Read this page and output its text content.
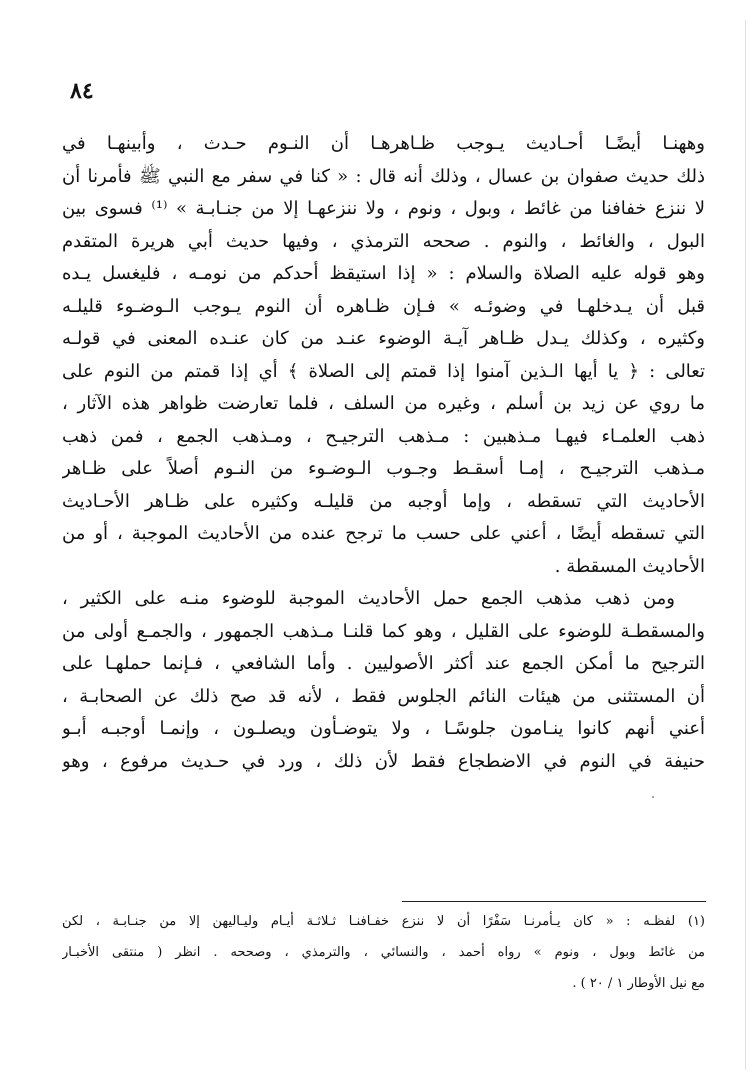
٨٤
وههنـا أيضًـا أحـاديث يـوجب ظـاهرهـا أن النـوم حـدث ، وأبينهـا في
ذلك حديث صفوان بن عسال ، وذلك أنه قال : « كنا في سفر مع النبي ﷺ فأمرنا أن
لا ننزع خفافنا من غائط ، وبول ، ونوم ، ولا ننزعهـا إلا من جنـابـة » ⁽¹⁾ فسوى بين
البول ، والغائط ، والنوم . صححه الترمذي ، وفيها حديث أبي هريرة المتقدم
وهو قوله عليه الصلاة والسلام : « إذا استيقظ أحدكم من نومـه ، فليغسل يـده
قبل أن يـدخلهـا في وضوئـه » فـإن ظـاهره أن النوم يـوجب الـوضـوء قليلـه
وكثيره ، وكذلك يـدل ظـاهر آيـة الوضوء عنـد من كان عنـده المعنى في قولـه
تعالى : ﴿ يا أيها الـذين آمنوا إذا قمتم إلى الصلاة ﴾ أي إذا قمتم من النوم على
ما روي عن زيد بن أسلم ، وغيره من السلف ، فلما تعارضت ظواهر هذه الآثار ،
ذهب العلمـاء فيهـا مـذهبين : مـذهب الترجيـح ، ومـذهب الجمع ، فمن ذهب
مـذهب الترجيـح ، إمـا أسقـط وجـوب الـوضـوء من النـوم أصلاً على ظـاهر
الأحاديث التي تسقطه ، وإما أوجبه من قليلـه وكثيره على ظـاهر الأحـاديث
التي تسقطه أيضًا ، أعني على حسب ما ترجح عنده من الأحاديث الموجبة ، أو من
الأحاديث المسقطة .
ومن ذهب مذهب الجمع حمل الأحاديث الموجبة للوضوء منـه على الكثير ،
والمسقطـة للوضوء على القليل ، وهو كما قلنـا مـذهب الجمهور ، والجمـع أولى من
الترجيح ما أمكن الجمع عند أكثر الأصوليين . وأما الشافعي ، فـإنما حملهـا على
أن المستثنى من هيئات النائم الجلوس فقط ، لأنه قد صح ذلك عن الصحابـة ،
أعني أنهم كانوا ينـامون جلوسًـا ، ولا يتوضـأون ويصلـون ، وإنمـا أوجبـه أبـو
حنيفة في النوم في الاضطجاع فقط لأن ذلك ، ورد في حـديث مرفوع ، وهو
(١) لفظـه : « كان يـأمرنـا سَفْرًا أن لا ننزع خفـافنـا ثـلاثـة أيـام وليـاليهن إلا من جنـابـة ، لكن
من غائط وبول ، ونوم » رواه أحمد ، والنسائي ، والترمذي ، وصححه . انظر ( منتقى الأخبـار
مع نيل الأوطار ١ / ٢٠ ) .
